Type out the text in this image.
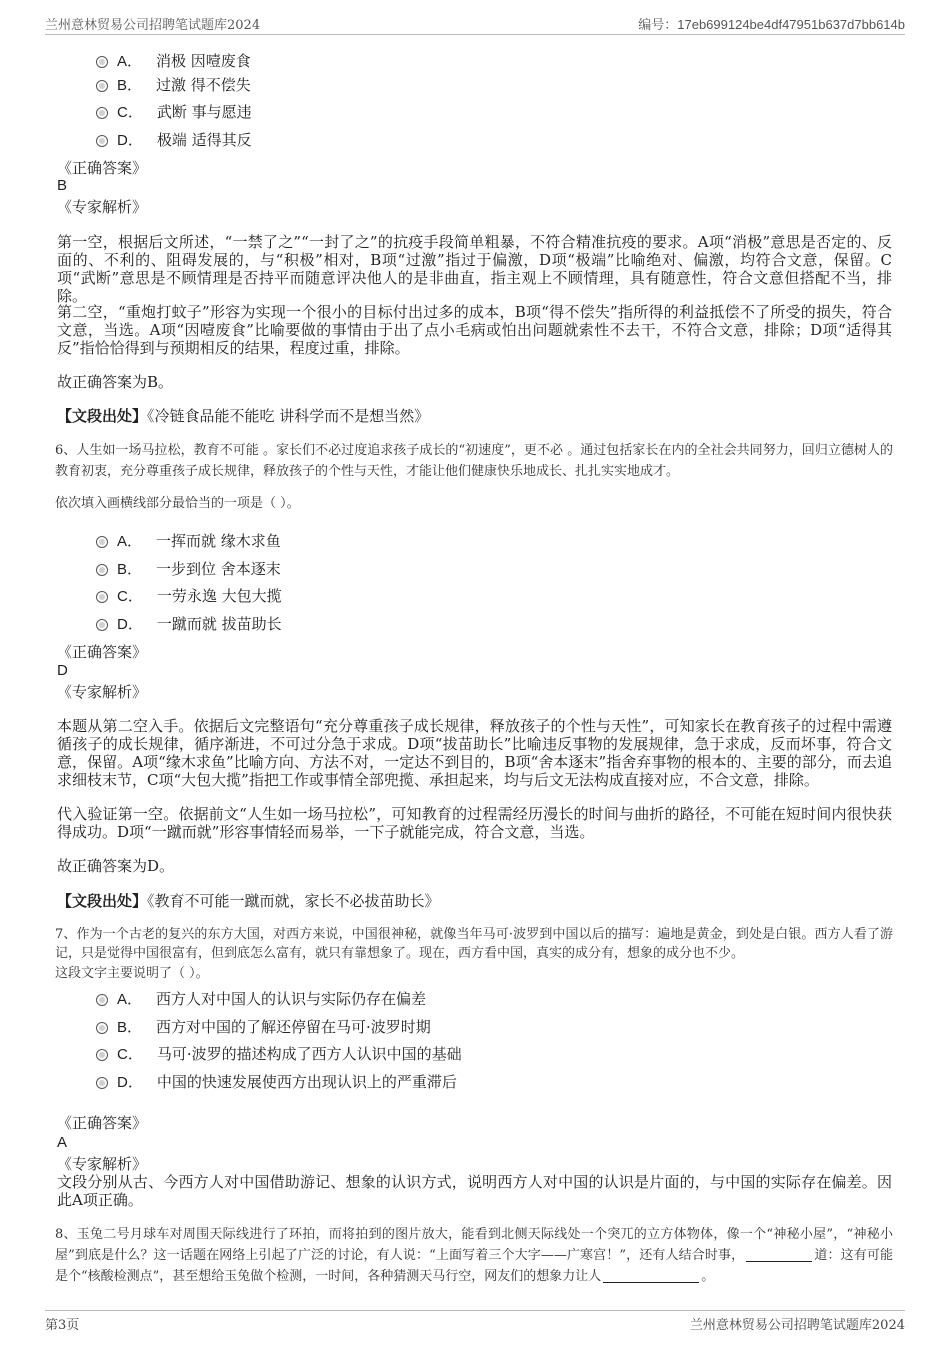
兰州意林贸易公司招聘笔试题库2024	编号：17eb699124be4df47951b637d7bb614b
A． 消极 因噎废食
B． 过激 得不偿失
C． 武断 事与愿违
D． 极端 适得其反
《正确答案》
B
《专家解析》
第一空，根据后文所述，“一禁了之”“一封了之”的抗疫手段简单粗暴，不符合精准抗疫的要求。A项“消极”意思是否定的、反面的、不利的、阻碍发展的，与“积极”相对，B项“过激”指过于偏激，D项“极端”比喻绝对、偏激，均符合文意，保留。C项“武断”意思是不顾情理是否持平而随意评决他人的是非曲直，指主观上不顾情理，具有随意性，符合文意但搭配不当，排除。
第二空，“重炮打蚊子”形容为实现一个很小的目标付出过多的成本，B项“得不偿失”指所得的利益抵偿不了所受的损失，符合文意，当选。A项“因噎废食”比喻要做的事情由于出了点小毛病或怕出问题就索性不去干，不符合文意，排除；D项“适得其反”指恰恰得到与预期相反的结果，程度过重，排除。
故正确答案为B。
【文段出处】《冷链食品能不能吃 讲科学而不是想当然》
6、人生如一场马拉松，教育不可能 。家长们不必过度追求孩子成长的“初速度”，更不必 。通过包括家长在内的全社会共同努力，回归立德树人的教育初衷，充分尊重孩子成长规律，释放孩子的个性与天性，才能让他们健康快乐地成长、扎扎实实地成才。
依次填入画横线部分最恰当的一项是（ ）。
A． 一挥而就 缘木求鱼
B． 一步到位 舍本逐末
C． 一劳永逸 大包大揽
D． 一蹴而就 拔苗助长
《正确答案》
D
《专家解析》
本题从第二空入手。依据后文完整语句“充分尊重孩子成长规律，释放孩子的个性与天性”，可知家长在教育孩子的过程中需遵循孩子的成长规律，循序渐进，不可过分急于求成。D项“拔苗助长”比喻违反事物的发展规律，急于求成，反而坏事，符合文意，保留。A项“缘木求鱼”比喻方向、方法不对，一定达不到目的，B项“舍本逐末”指舍弃事物的根本的、主要的部分，而去追求细枝末节，C项“大包大揽”指把工作或事情全部兜揽、承担起来，均与后文无法构成直接对应，不合文意，排除。
代入验证第一空。依据前文“人生如一场马拉松”，可知教育的过程需经历漫长的时间与曲折的路径，不可能在短时间内很快获得成功。D项“一蹴而就”形容事情轻而易举，一下子就能完成，符合文意，当选。
故正确答案为D。
【文段出处】《教育不可能一蹴而就，家长不必拔苗助长》
7、作为一个古老的复兴的东方大国，对西方来说，中国很神秘，就像当年马可·波罗到中国以后的描写：遍地是黄金，到处是白银。西方人看了游记，只是觉得中国很富有，但到底怎么富有，就只有靠想象了。现在，西方看中国，真实的成分有，想象的成分也不少。
这段文字主要说明了（ ）。
A． 西方人对中国人的认识与实际仍存在偏差
B． 西方对中国的了解还停留在马可·波罗时期
C． 马可·波罗的描述构成了西方人认识中国的基础
D． 中国的快速发展使西方出现认识上的严重滞后
《正确答案》
A
《专家解析》
文段分别从古、今西方人对中国借助游记、想象的认识方式，说明西方人对中国的认识是片面的，与中国的实际存在偏差。因此A项正确。
8、玉兔二号月球车对周围天际线进行了环拍，而将拍到的图片放大，能看到北侧天际线处一个突兀的立方体物体，像一个“神秘小屋”，“神秘小屋”到底是什么？这一话题在网络上引起了广泛的讨论，有人说：“上面写着三个大字——广寒宫！”，还有人结合时事，	道：这有可能是个“核酸检测点”，甚至想给玉兔做个检测，一时间，各种猜测天马行空，网友们的想象力让人	。
第3页	兰州意林贸易公司招聘笔试题库2024
